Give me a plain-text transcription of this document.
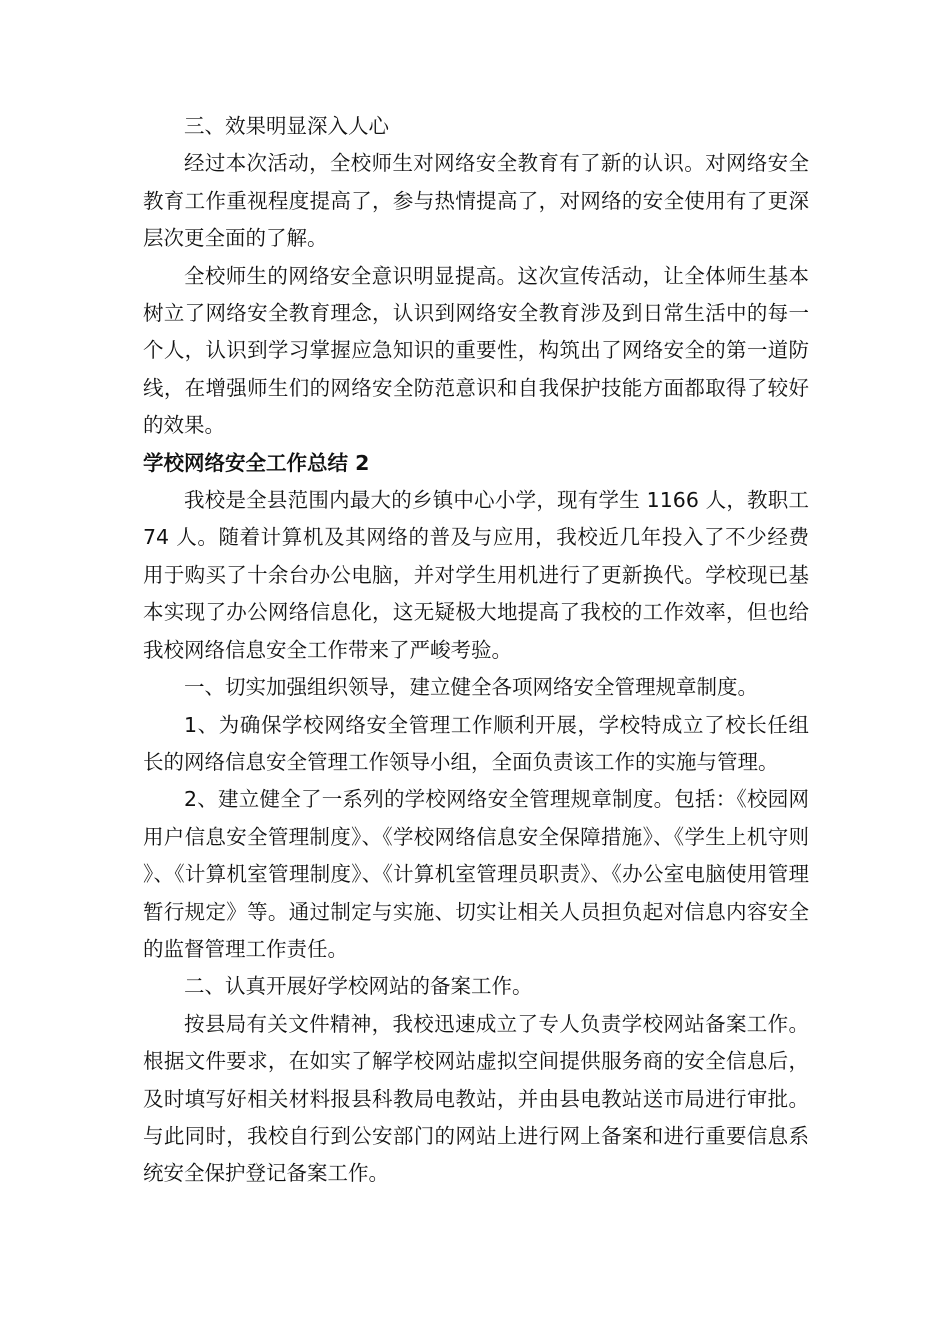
三、效果明显深入人心

经过本次活动，全校师生对网络安全教育有了新的认识。对网络安全教育工作重视程度提高了，参与热情提高了，对网络的安全使用有了更深层次更全面的了解。

全校师生的网络安全意识明显提高。这次宣传活动，让全体师生基本树立了网络安全教育理念，认识到网络安全教育涉及到日常生活中的每一个人，认识到学习掌握应急知识的重要性，构筑出了网络安全的第一道防线，在增强师生们的网络安全防范意识和自我保护技能方面都取得了较好的效果。

学校网络安全工作总结 2

我校是全县范围内最大的乡镇中心小学，现有学生 1166 人，教职工 74 人。随着计算机及其网络的普及与应用，我校近几年投入了不少经费用于购买了十余台办公电脑，并对学生用机进行了更新换代。学校现已基本实现了办公网络信息化，这无疑极大地提高了我校的工作效率，但也给我校网络信息安全工作带来了严峻考验。

一、切实加强组织领导，建立健全各项网络安全管理规章制度。

1、为确保学校网络安全管理工作顺利开展，学校特成立了校长任组长的网络信息安全管理工作领导小组，全面负责该工作的实施与管理。

2、建立健全了一系列的学校网络安全管理规章制度。包括：《校园网用户信息安全管理制度》、《学校网络信息安全保障措施》、《学生上机守则》、《计算机室管理制度》、《计算机室管理员职责》、《办公室电脑使用管理暂行规定》等。通过制定与实施、切实让相关人员担负起对信息内容安全的监督管理工作责任。

二、认真开展好学校网站的备案工作。

按县局有关文件精神，我校迅速成立了专人负责学校网站备案工作。根据文件要求，在如实了解学校网站虚拟空间提供服务商的安全信息后，及时填写好相关材料报县科教局电教站，并由县电教站送市局进行审批。与此同时，我校自行到公安部门的网站上进行网上备案和进行重要信息系统安全保护登记备案工作。
